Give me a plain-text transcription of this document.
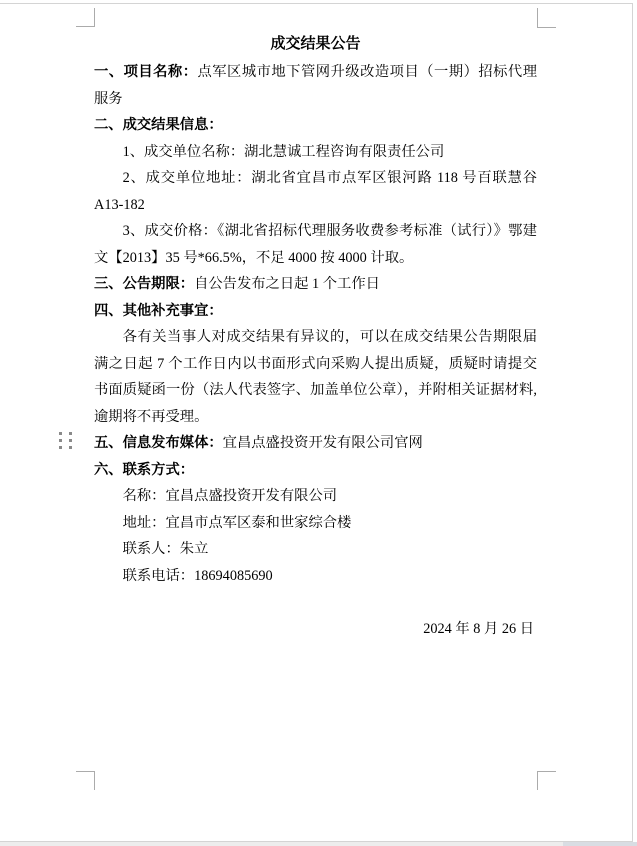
成交结果公告

一、项目名称：点军区城市地下管网升级改造项目（一期）招标代理服务

二、成交结果信息：

1、成交单位名称：湖北慧诚工程咨询有限责任公司

2、成交单位地址：湖北省宜昌市点军区银河路 118 号百联慧谷 A13-182

3、成交价格：《湖北省招标代理服务收费参考标准（试行）》鄂建文【2013】35 号*66.5%，不足 4000 按 4000 计取。

三、公告期限：自公告发布之日起 1 个工作日

四、其他补充事宜：

各有关当事人对成交结果有异议的，可以在成交结果公告期限届满之日起 7 个工作日内以书面形式向采购人提出质疑，质疑时请提交书面质疑函一份（法人代表签字、加盖单位公章），并附相关证据材料,逾期将不再受理。

五、信息发布媒体：宜昌点盛投资开发有限公司官网

六、联系方式：

名称：宜昌点盛投资开发有限公司

地址：宜昌市点军区泰和世家综合楼

联系人：朱立

联系电话：18694085690

2024 年 8 月 26 日
